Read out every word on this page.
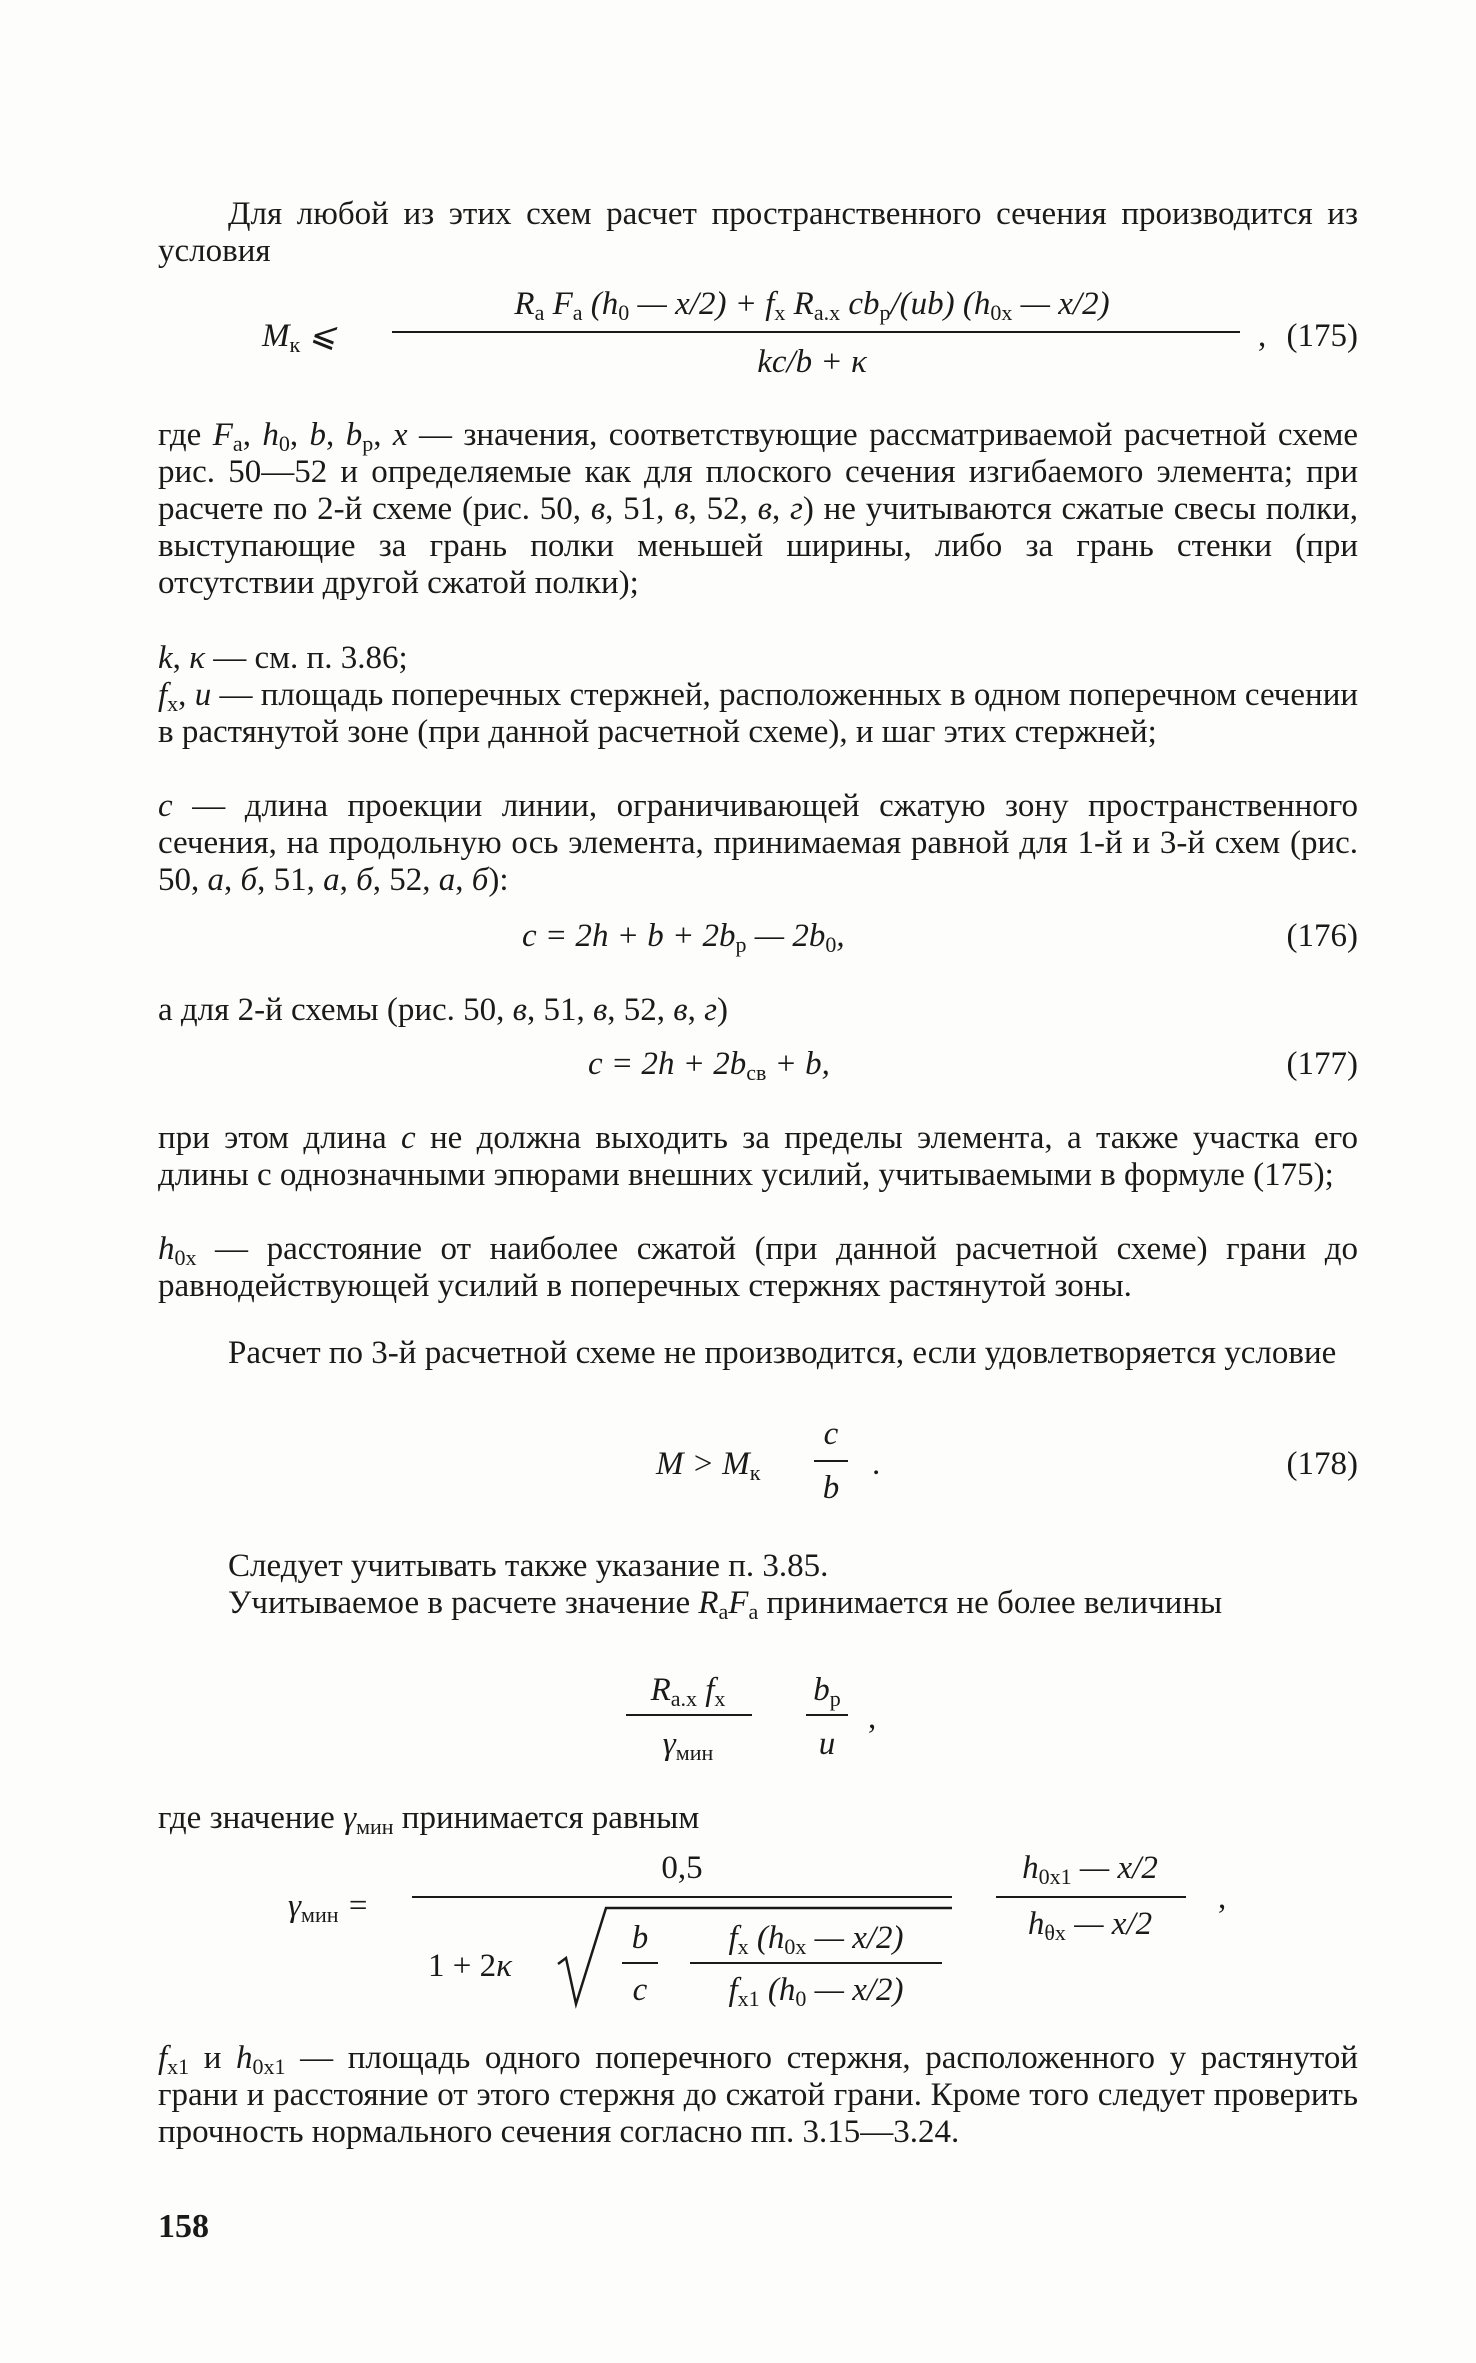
Для любой из этих схем расчет пространственного сечения производится из условия
$M_к$ ⩽
$R_а$ $F_а$ ($h_0$ — $x/2) + f_х$ $R_{а.х}$ $cb_р/(ub)$ ($h_{0х}$ — x/2)
kc/b + κ
, (175)
где $F_а$, $h_0$, b, $b_р$, x — значения, соответствующие рассматриваемой расчетной схеме рис. 50—52 и определяемые как для плоского сечения изгибаемого элемента; при расчете по 2-й схеме (рис. 50, в, 51, в, 52, в, г) не учитываются сжатые свесы полки, выступающие за грань полки меньшей ширины, либо за грань стенки (при отсутствии другой сжатой полки);
k, κ — см. п. 3.86;
$f_х$, u — площадь поперечных стержней, расположенных в одном поперечном сечении в растянутой зоне (при данной расчетной схеме), и шаг этих стержней;
c — длина проекции линии, ограничивающей сжатую зону пространственного сечения, на продольную ось элемента, принимаемая равной для 1-й и 3-й схем (рис. 50, а, б, 51, а, б, 52, а, б):
$c = 2h + b + 2b_р$ — $2b_0$,	(176)
а для 2-й схемы (рис. 50, в, 51, в, 52, в, г)
$c = 2h + 2b_{св} + b$,	(177)
при этом длина c не должна выходить за пределы элемента, а также участка его длины с однозначными эпюрами внешних усилий, учитываемыми в формуле (175);
$h_{0х}$ — расстояние от наиболее сжатой (при данной расчетной схеме) грани до равнодействующей усилий в поперечных стержнях растянутой зоны.
Расчет по 3-й расчетной схеме не производится, если удовлетворяется условие
$M > M_к$
c
b
.	(178)
Следует учитывать также указание п. 3.85.
Учитываемое в расчете значение $R_аF_а$ принимается не более величины
$R_{а.х}$ $f_х$
$\gamma_{мин}$
$b_р$
u
,
где значение $\gamma_{мин}$ принимается равным
$\gamma_{мин}$ =
0,5
1 + 2κ
b
c
$f_х$ ($h_{0х}$ — x/2)
$f_{х1}$ ($h_0$ — x/2)
$h_{0х1}$ — x/2
$h_{\theta х}$ — x/2
,
$f_{х1}$ и $h_{0х1}$ — площадь одного поперечного стержня, расположенного у растянутой грани и расстояние от этого стержня до сжатой грани. Кроме того следует проверить прочность нормального сечения согласно пп. 3.15—3.24.
158
